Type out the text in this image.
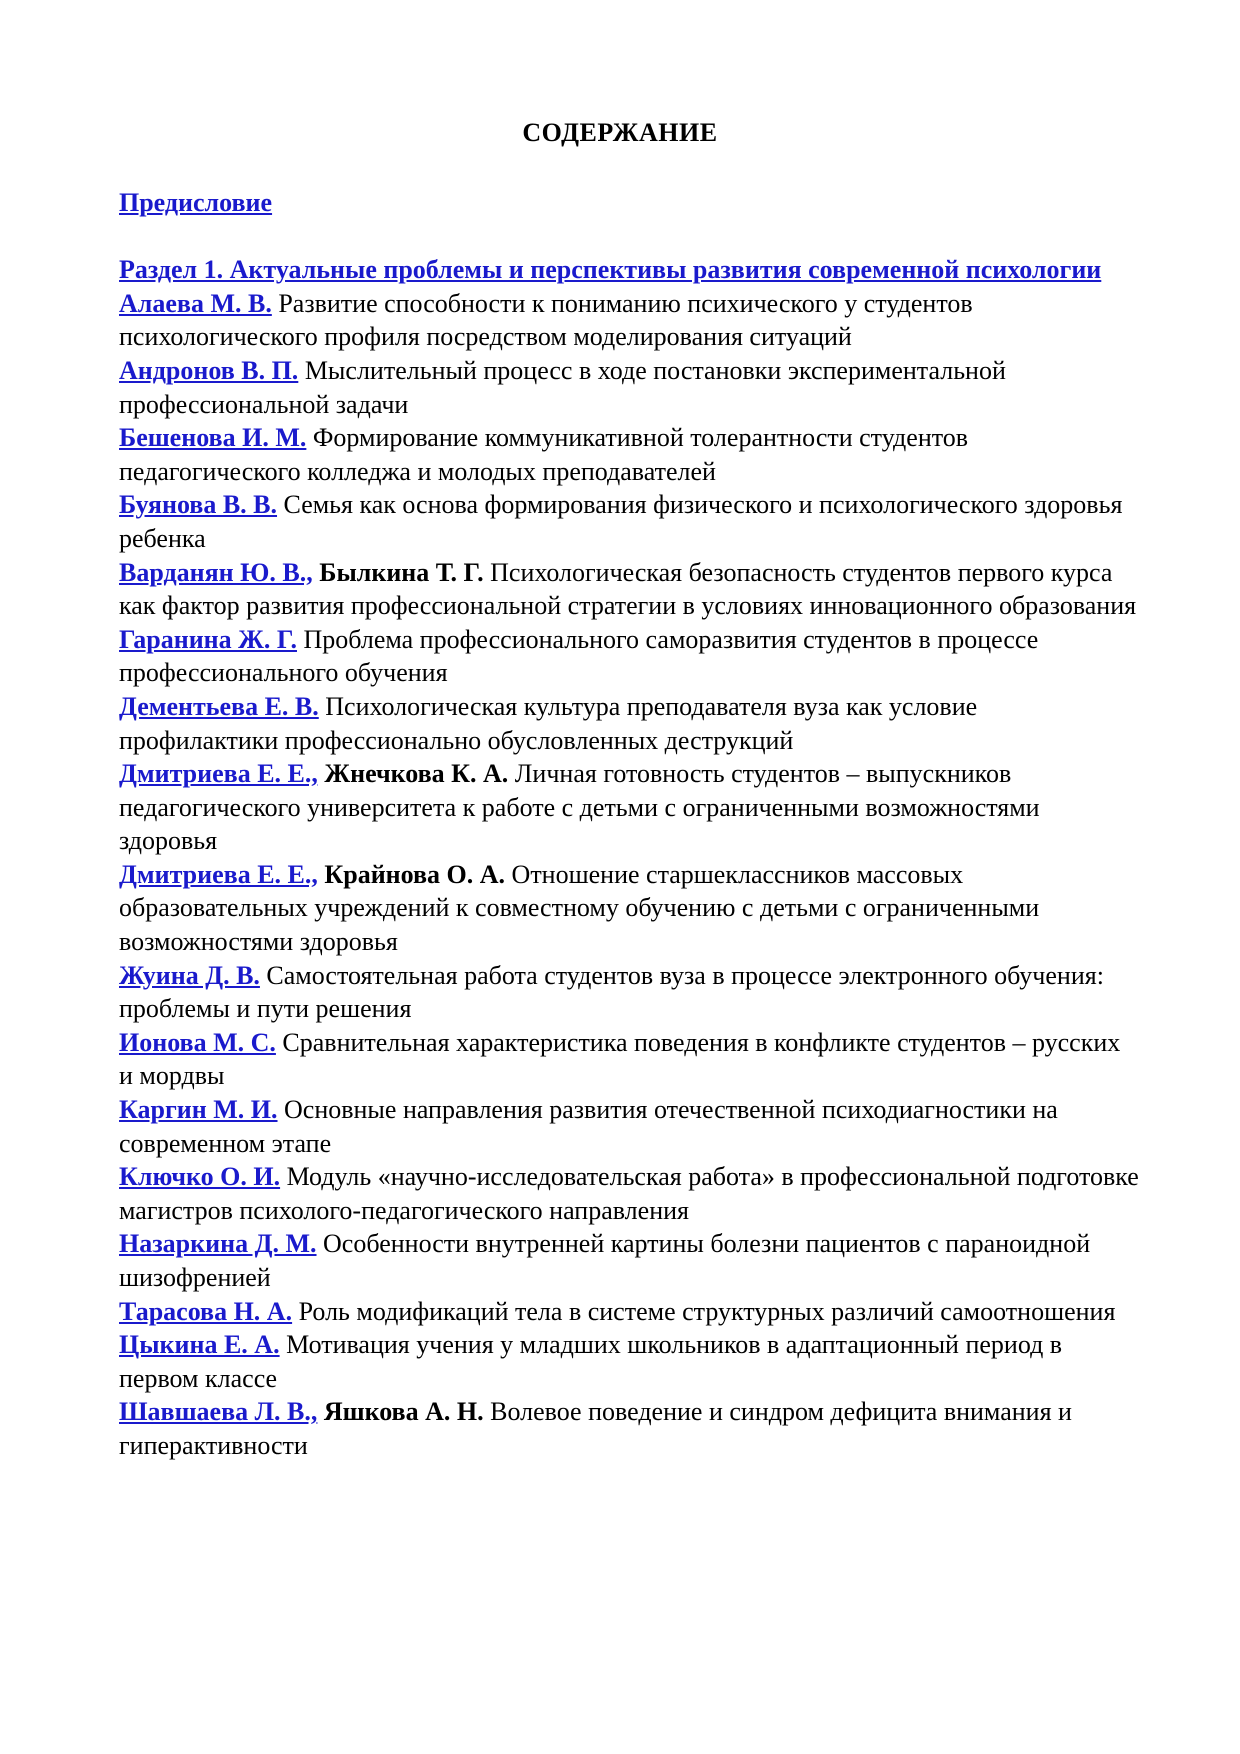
СОДЕРЖАНИЕ

Предисловие

Раздел 1. Актуальные проблемы и перспективы развития современной психологии

Алаева М. В. Развитие способности к пониманию психического у студентов психологического профиля посредством моделирования ситуаций

Андронов В. П. Мыслительный процесс в ходе постановки экспериментальной профессиональной задачи

Бешенова И. М. Формирование коммуникативной толерантности студентов педагогического колледжа и молодых преподавателей

Буянова В. В. Семья как основа формирования физического и психологического здоровья ребенка

Варданян Ю. В., Былкина Т. Г. Психологическая безопасность студентов первого курса как фактор развития профессиональной стратегии в условиях инновационного образования

Гаранина Ж. Г. Проблема профессионального саморазвития студентов в процессе профессионального обучения

Дементьева Е. В. Психологическая культура преподавателя вуза как условие профилактики профессионально обусловленных деструкций

Дмитриева Е. Е., Жнечкова К. А. Личная готовность студентов – выпускников педагогического университета к работе с детьми с ограниченными возможностями здоровья

Дмитриева Е. Е., Крайнова О. А. Отношение старшеклассников массовых образовательных учреждений к совместному обучению с детьми с ограниченными возможностями здоровья

Жуина Д. В. Самостоятельная работа студентов вуза в процессе электронного обучения: проблемы и пути решения

Ионова М. С. Сравнительная характеристика поведения в конфликте студентов – русских и мордвы

Каргин М. И. Основные направления развития отечественной психодиагностики на современном этапе

Ключко О. И. Модуль «научно-исследовательская работа» в профессиональной подготовке магистров психолого-педагогического направления

Назаркина Д. М. Особенности внутренней картины болезни пациентов с параноидной шизофренией

Тарасова Н. А. Роль модификаций тела в системе структурных различий самоотношения

Цыкина Е. А. Мотивация учения у младших школьников в адаптационный период в первом классе

Шавшаева Л. В., Яшкова А. Н. Волевое поведение и синдром дефицита внимания и гиперактивности
